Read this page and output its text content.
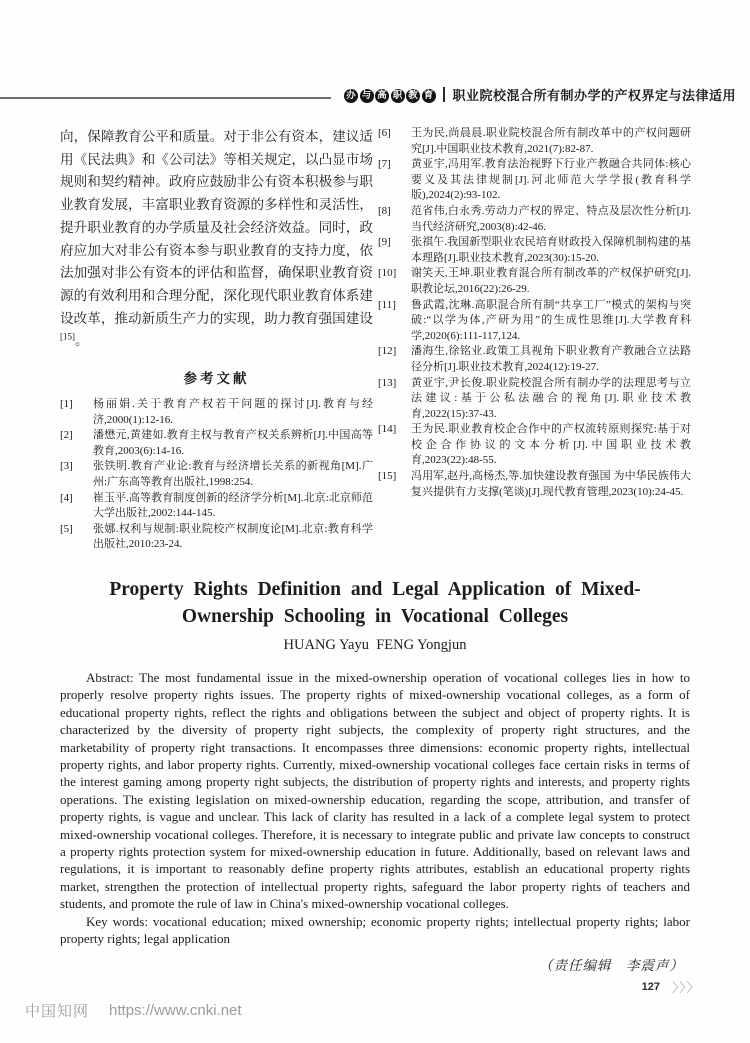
办 与 高 职 教 育 职业院校混合所有制办学的产权界定与法律适用

向，保障教育公平和质量。对于非公有资本，建议适用《民法典》和《公司法》等相关规定，以凸显市场规则和契约精神。政府应鼓励非公有资本积极参与职业教育发展，丰富职业教育资源的多样性和灵活性，提升职业教育的办学质量及社会经济效益。同时，政府应加大对非公有资本参与职业教育的支持力度，依法加强对非公有资本的评估和监督，确保职业教育资源的有效利用和合理分配，深化现代职业教育体系建设改革，推动新质生产力的实现，助力教育强国建设[15]。

参考文献
[1]	杨丽娟.关于教育产权若干问题的探讨[J].教育与经济,2000(1):12-16.
[2]	潘懋元,黄建如.教育主权与教育产权关系辨析[J].中国高等教育,2003(6):14-16.
[3]	张铁明.教育产业论:教育与经济增长关系的新视角[M].广州:广东高等教育出版社,1998:254.
[4]	崔玉平.高等教育制度创新的经济学分析[M].北京:北京师范大学出版社,2002:144-145.
[5]	张娜.权利与规制:职业院校产权制度论[M].北京:教育科学出版社,2010:23-24.
[6]	王为民,尚晨晨.职业院校混合所有制改革中的产权问题研究[J].中国职业技术教育,2021(7):82-87.
[7]	黄亚宇,冯用军.教育法治视野下行业产教融合共同体:核心要义及其法律规制[J].河北师范大学学报(教育科学版),2024(2):93-102.
[8]	范省伟,白永秀.劳动力产权的界定、特点及层次性分析[J].当代经济研究,2003(8):42-46.
[9]	张祺午.我国新型职业农民培育财政投入保障机制构建的基本理路[J].职业技术教育,2023(30):15-20.
[10]	谢笑天,王坤.职业教育混合所有制改革的产权保护研究[J].职教论坛,2016(22):26-29.
[11]	鲁武霞,沈琳.高职混合所有制“共享工厂”模式的架构与突破:“以学为体,产研为用”的生成性思维[J].大学教育科学,2020(6):111-117,124.
[12]	潘海生,徐铭业.政策工具视角下职业教育产教融合立法路径分析[J].职业技术教育,2024(12):19-27.
[13]	黄亚宇,尹长俊.职业院校混合所有制办学的法理思考与立法建议:基于公私法融合的视角[J].职业技术教育,2022(15):37-43.
[14]	王为民.职业教育校企合作中的产权流转原则探究:基于对校企合作协议的文本分析[J].中国职业技术教育,2023(22):48-55.
[15]	冯用军,赵丹,高杨杰,等.加快建设教育强国 为中华民族伟大复兴提供有力支撑(笔谈)[J].现代教育管理,2023(10):24-45.
Property Rights Definition and Legal Application of Mixed-
Ownership Schooling in Vocational Colleges
HUANG Yayu  FENG Yongjun

Abstract: The most fundamental issue in the mixed-ownership operation of vocational colleges lies in how to properly resolve property rights issues. The property rights of mixed-ownership vocational colleges, as a form of educational property rights, reflect the rights and obligations between the subject and object of property rights. It is characterized by the diversity of property right subjects, the complexity of property right structures, and the marketability of property right transactions. It encompasses three dimensions: economic property rights, intellectual property rights, and labor property rights. Currently, mixed-ownership vocational colleges face certain risks in terms of the interest gaming among property right subjects, the distribution of property rights and interests, and property rights operations. The existing legislation on mixed-ownership education, regarding the scope, attribution, and transfer of property rights, is vague and unclear. This lack of clarity has resulted in a lack of a complete legal system to protect mixed-ownership vocational colleges. Therefore, it is necessary to integrate public and private law concepts to construct a property rights protection system for mixed-ownership education in future. Additionally, based on relevant laws and regulations, it is important to reasonably define property rights attributes, establish an educational property rights market, strengthen the protection of intellectual property rights, safeguard the labor property rights of teachers and students, and promote the rule of law in China's mixed-ownership vocational colleges.

Key words: vocational education; mixed ownership; economic property rights; intellectual property rights; labor property rights; legal application

（责任编辑　李震声）
127 〉〉〉
中国知网 https://www.cnki.net
